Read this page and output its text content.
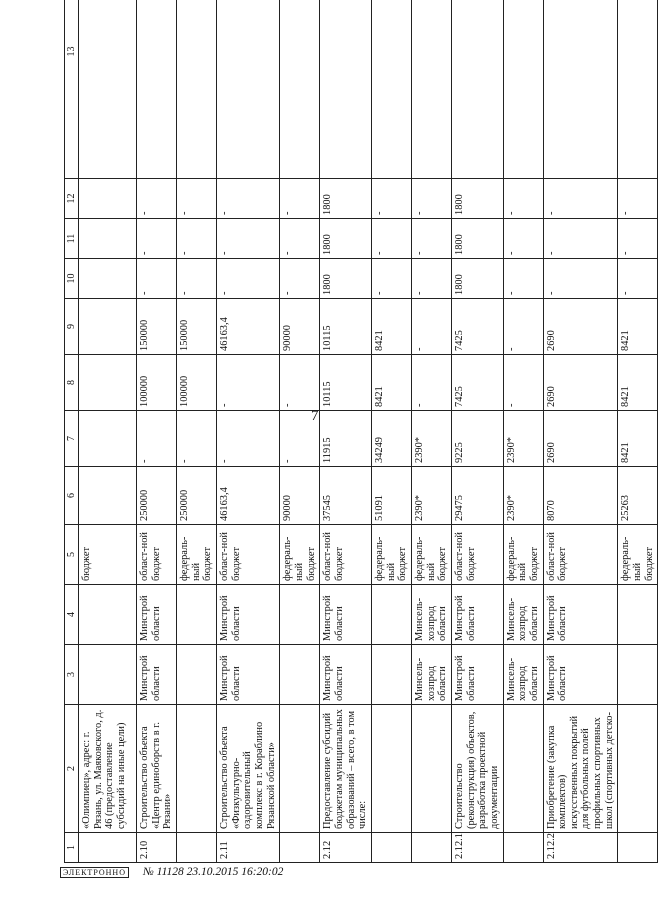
1	2	3	4	5	6	7	8	9	10	11	12	13
	«Олимпиец», адрес: г. Рязань, ул. Маяковского, д. 46 (предоставление субсидий на иные цели)			бюджет								
2.10	Строительство объекта «Центр единоборств в г. Рязани»	Минстрой области	Минстрой области	област-ной бюджет	250000	-	100000	150000	-	-	-	
				федераль-ный бюджет	250000	-	100000	150000	-	-	-	
2.11	Строительство объекта «Физкультурно-оздоровительный комплекс в г. Кораблино Рязанской области»	Минстрой области	Минстрой области	област-ной бюджет	46163,4	-	-	46163,4	-	-	-	
				федераль-ный бюджет	90000	-	-	90000	-	-	-	
2.12	Предоставление субсидий бюджетам муниципальных образований – всего, в том числе:	Минстрой области	Минстрой области	област-ной бюджет	37545	11915	10115	10115	1800	1800	1800	
				федераль-ный бюджет	51091	34249	8421	8421	-	-	-	
		Минсель-хозпрод области	Минсель-хозпрод области	федераль-ный бюджет	2390*	2390*	-	-	-	-	-	
2.12.1	Строительство (реконструкция) объектов, разработка проектной документации	Минстрой области	Минстрой области	област-ной бюджет	29475	9225	7425	7425	1800	1800	1800	
		Минсель-хозпрод области	Минсель-хозпрод области	федераль-ный бюджет	2390*	2390*	-	-	-	-	-	
2.12.2	Приобретение (закупка комплектов) искусственных покрытий для футбольных полей профильных спортивных школ (спортивных детско-	Минстрой области	Минстрой области	област-ной бюджет	8070	2690	2690	2690	-	-	-	
				федераль-ный бюджет	25263	8421	8421	8421	-	-	-	
7
ЭЛЕКТРОННО № 11128 23.10.2015 16:20:02
